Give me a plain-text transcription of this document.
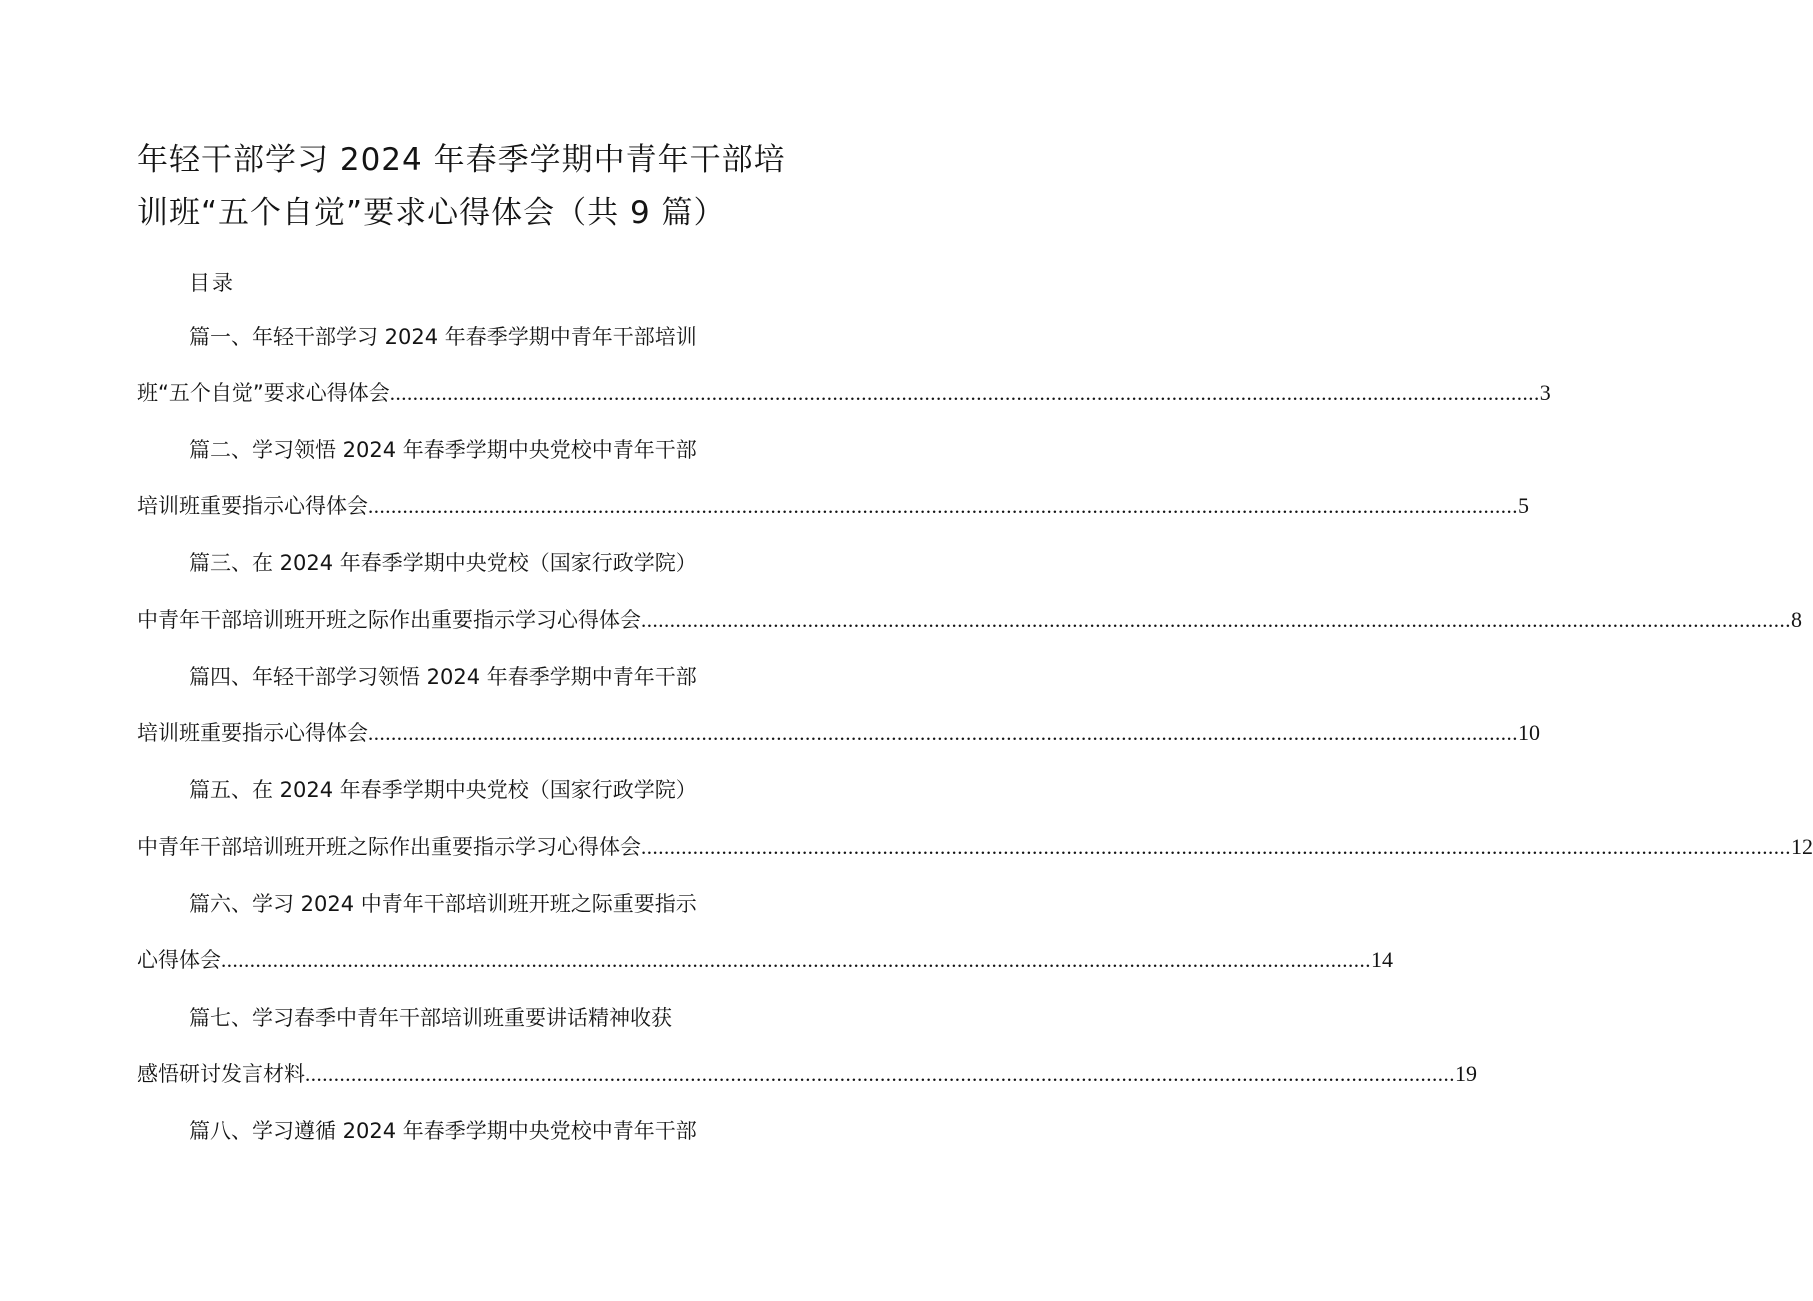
年轻干部学习 2024 年春季学期中青年干部培
训班“五个自觉”要求心得体会（共 9 篇）
目录
篇一、年轻干部学习 2024 年春季学期中青年干部培训
班“五个自觉”要求心得体会 ........................................................................................................................................................................................................ 3
篇二、学习领悟 2024 年春季学期中央党校中青年干部
培训班重要指示心得体会 ........................................................................................................................................................................................................ 5
篇三、在 2024 年春季学期中央党校（国家行政学院）
中青年干部培训班开班之际作出重要指示学习心得体会 ........................................................................................................................................................................................................ 8
篇四、年轻干部学习领悟 2024 年春季学期中青年干部
培训班重要指示心得体会 ........................................................................................................................................................................................................ 10
篇五、在 2024 年春季学期中央党校（国家行政学院）
中青年干部培训班开班之际作出重要指示学习心得体会 ........................................................................................................................................................................................................ 12
篇六、学习 2024 中青年干部培训班开班之际重要指示
心得体会 ........................................................................................................................................................................................................ 14
篇七、学习春季中青年干部培训班重要讲话精神收获
感悟研讨发言材料 ........................................................................................................................................................................................................ 19
篇八、学习遵循 2024 年春季学期中央党校中青年干部
